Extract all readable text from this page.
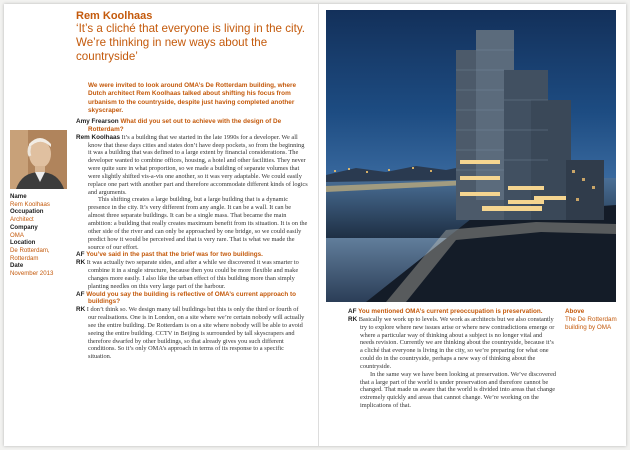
Rem Koolhaas
‘It’s a cliché that everyone is living in the city. We’re thinking in new ways about the countryside’
We were invited to look around OMA’s De Rotterdam building, where Dutch architect Rem Koolhaas talked about shifting his focus from urbanism to the countryside, despite just having completed another skyscraper.
Name
Rem Koolhaas
Occupation
Architect
Company
OMA
Location
De Rotterdam, Rotterdam
Date
November 2013

Amy Frearson What did you set out to achieve with the design of De Rotterdam?

Rem Koolhaas It’s a building that we started in the late 1990s for a developer. We all know that these days cities and states don’t have deep pockets, so from the beginning it was a building that was defined to a large extent by financial considerations. The developer wanted to combine offices, housing, a hotel and other facilities. They never were quite sure in what proportion, so we made a building of separate volumes that were slightly shifted vis-a-vis one another, so it was very adaptable. We could easily replace one part with another part and therefore accommodate different kinds of logics and arguments.

This shifting creates a large building, but a large building that is a dynamic presence in the city. It’s very different from any angle. It can be a wall. It can be almost three separate buildings. It can be a single mass. That became the main ambition: a building that really creates maximum benefit from its situation. It is on the other side of the river and can only be approached by one bridge, so we could easily predict how it would be perceived and that is very rare. That is what we made the source of our effort.

AF You’ve said in the past that the brief was for two buildings.

RK It was actually two separate sides, and after a while we discovered it was smarter to combine it in a single structure, because then you could be more flexible and make changes more easily. I also like the urban effect of this building more than simply planting needles on this very large part of the harbour.

AF Would you say the building is reflective of OMA’s current approach to buildings?

RK I don’t think so. We design many tall buildings but this is only the third or fourth of our realisations. One is in London, on a site where we’re certain nobody will actually see the entire building. De Rotterdam is on a site where nobody will be able to avoid seeing the entire building. CCTV in Beijing is surrounded by tall skyscrapers and therefore dwarfed by other buildings, so that already gives you such different conditions. So it’s only OMA’s approach in terms of its response to a specific situation.

AF You mentioned OMA’s current preoccupation is preservation.

RK Basically we work up to levels. We work as architects but we also constantly try to explore where new issues arise or where new contradictions emerge or where a particular way of thinking about a subject is no longer vital and needs revision. Currently we are thinking about the countryside, because it’s a cliché that everyone is living in the city, so we’re preparing for what one could do in the countryside, perhaps a new way of thinking about the countryside.

In the same way we have been looking at preservation. We’ve discovered that a large part of the world is under preservation and therefore cannot be changed. That made us aware that the world is divided into areas that change extremely quickly and areas that cannot change. We’re working on the implications of that.

Above
The De Rotterdam building by OMA
